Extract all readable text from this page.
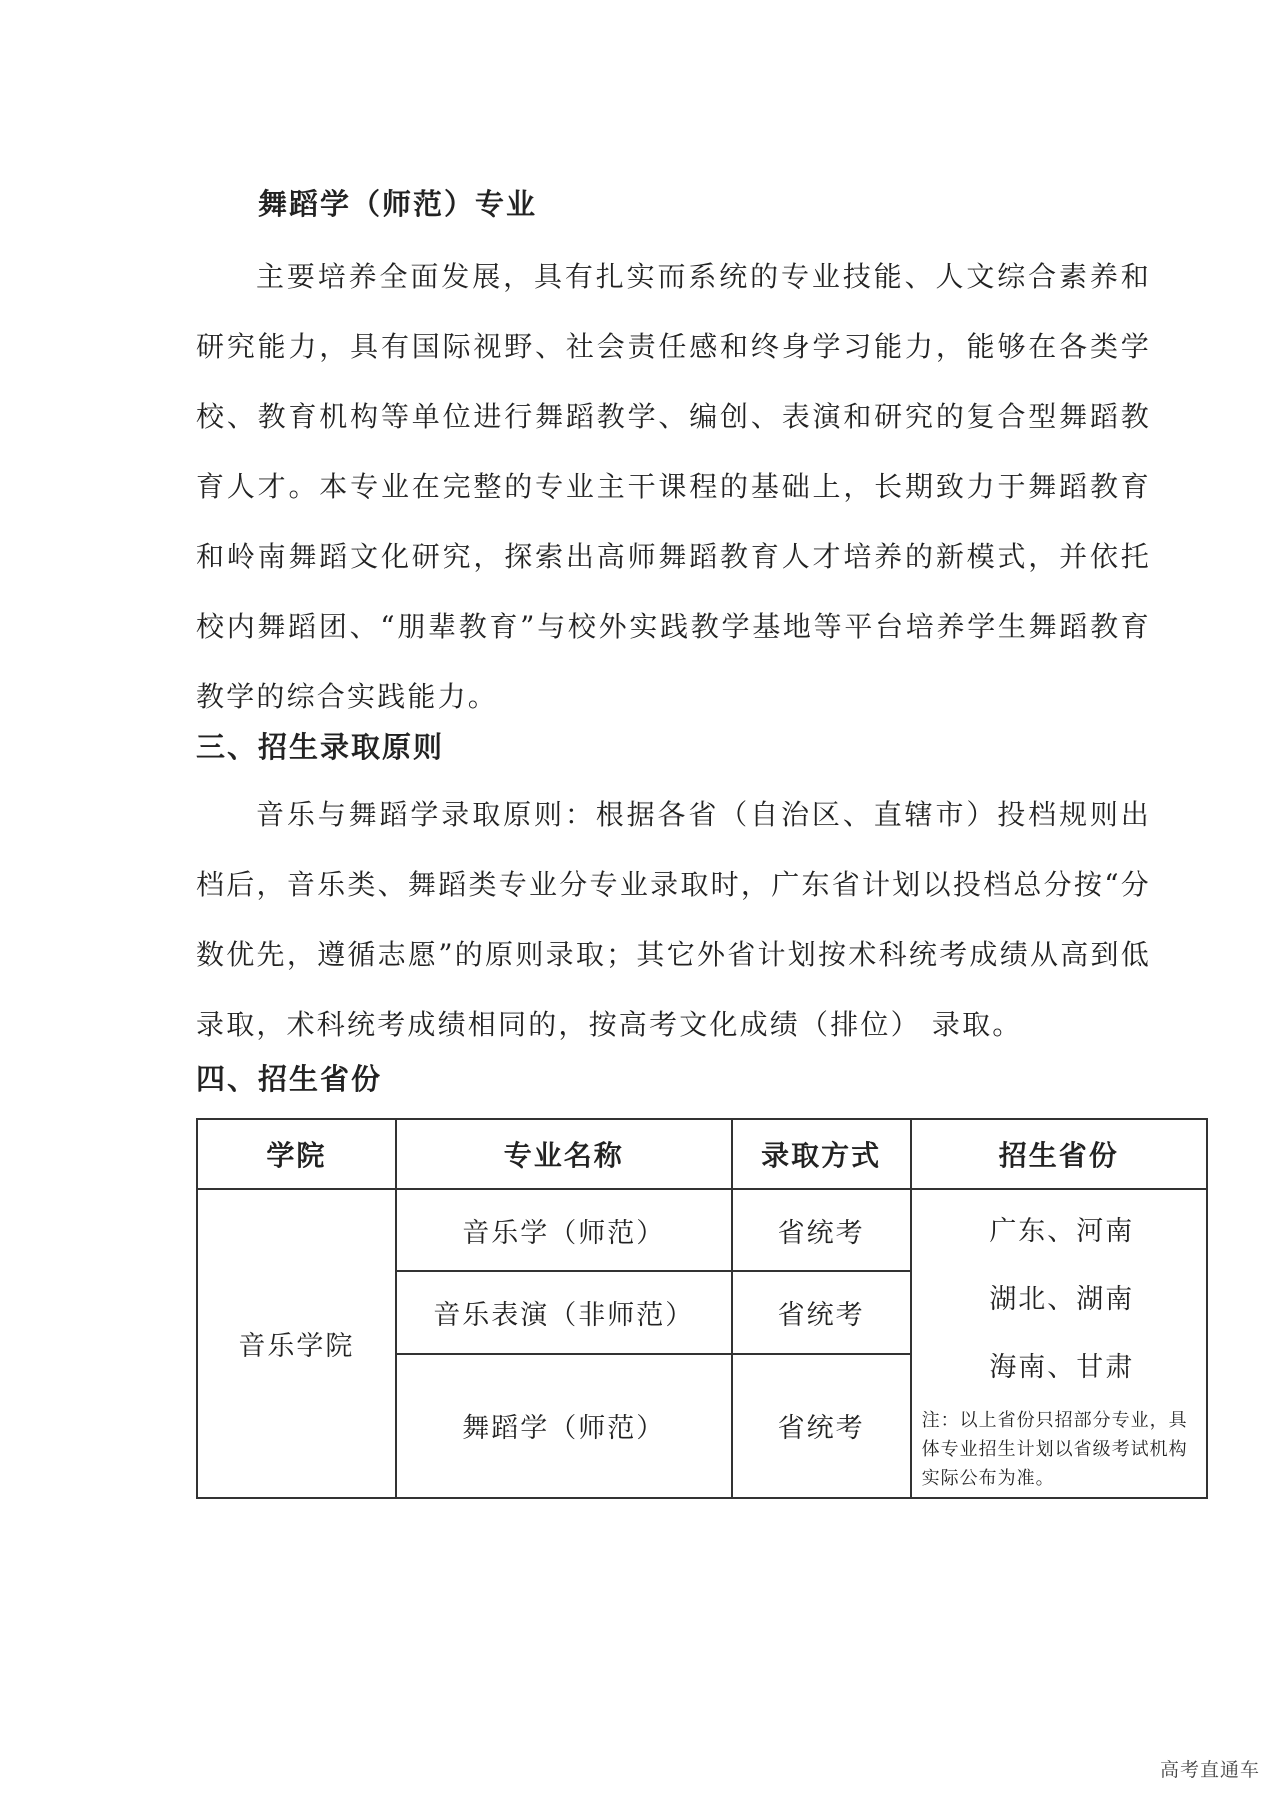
舞蹈学（师范）专业

主要培养全面发展，具有扎实而系统的专业技能、人文综合素养和研究能力，具有国际视野、社会责任感和终身学习能力，能够在各类学校、教育机构等单位进行舞蹈教学、编创、表演和研究的复合型舞蹈教育人才。本专业在完整的专业主干课程的基础上，长期致力于舞蹈教育和岭南舞蹈文化研究，探索出高师舞蹈教育人才培养的新模式，并依托校内舞蹈团、“朋辈教育”与校外实践教学基地等平台培养学生舞蹈教育教学的综合实践能力。

三、招生录取原则

音乐与舞蹈学录取原则：根据各省（自治区、直辖市）投档规则出档后，音乐类、舞蹈类专业分专业录取时，广东省计划以投档总分按“分数优先，遵循志愿”的原则录取；其它外省计划按术科统考成绩从高到低录取，术科统考成绩相同的，按高考文化成绩（排位） 录取。

四、招生省份
学院	专业名称	录取方式	招生省份
音乐学院	音乐学（师范）	省统考	广东、河南
湖北、湖南
海南、甘肃
注：以上省份只招部分专业，具体专业招生计划以省级考试机构实际公布为准。

	音乐表演（非师范）	省统考	
	舞蹈学（师范）	省统考	
高考直通车
